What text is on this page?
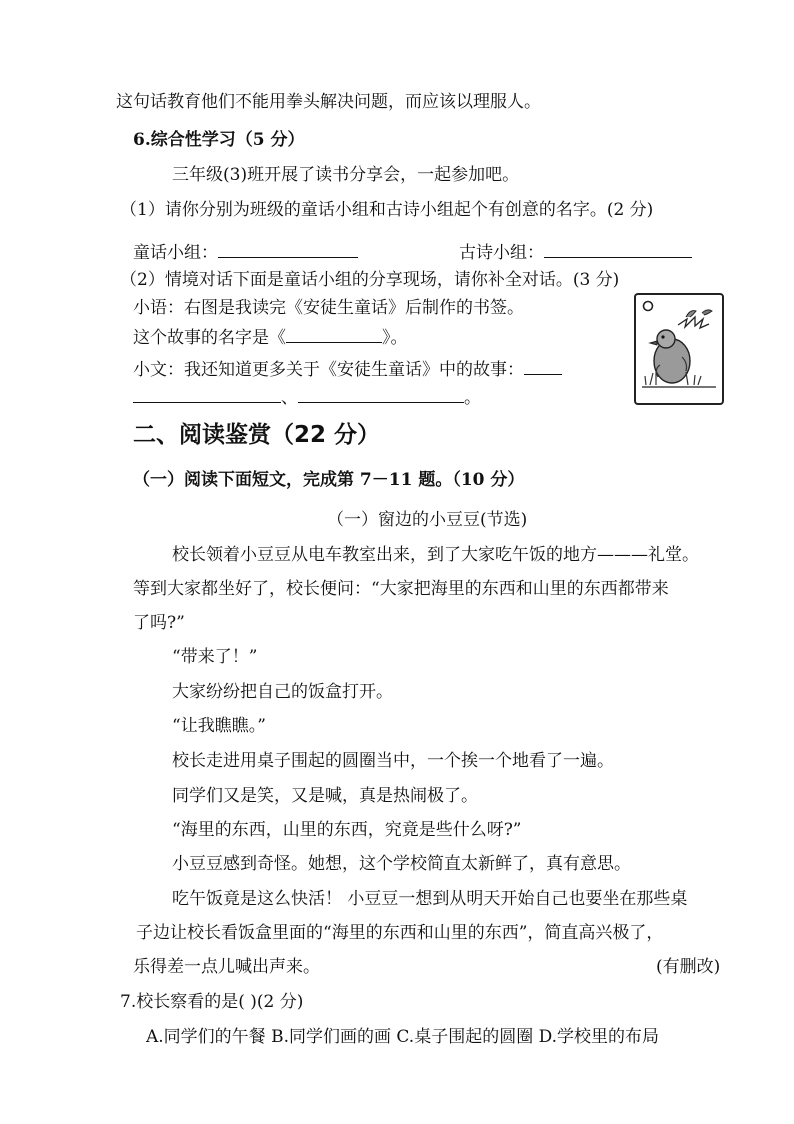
这句话教育他们不能用拳头解决问题，而应该以理服人。
6.综合性学习（5 分）
三年级(3)班开展了读书分享会，一起参加吧。
（1）请你分别为班级的童话小组和古诗小组起个有创意的名字。(2 分)
童话小组：	古诗小组：
（2）情境对话下面是童话小组的分享现场，请你补全对话。(3 分)
小语：右图是我读完《安徒生童话》后制作的书签。
这个故事的名字是《	》。
小文：我还知道更多关于《安徒生童话》中的故事：
、	。
二、阅读鉴赏（22 分）
（一）阅读下面短文，完成第 7－11 题。（10 分）
（一）窗边的小豆豆(节选)
校长领着小豆豆从电车教室出来，到了大家吃午饭的地方———礼堂。
等到大家都坐好了，校长便问：“大家把海里的东西和山里的东西都带来
了吗?”
“带来了！”
大家纷纷把自己的饭盒打开。
“让我瞧瞧。”
校长走进用桌子围起的圆圈当中，一个挨一个地看了一遍。
同学们又是笑，又是喊，真是热闹极了。
“海里的东西，山里的东西，究竟是些什么呀?”
小豆豆感到奇怪。她想，这个学校简直太新鲜了，真有意思。
吃午饭竟是这么快活！ 小豆豆一想到从明天开始自己也要坐在那些桌
子边让校长看饭盒里面的“海里的东西和山里的东西”，简直高兴极了，
乐得差一点儿喊出声来。	(有删改)
7.校长察看的是( )(2 分)
A.同学们的午餐 B.同学们画的画 C.桌子围起的圆圈 D.学校里的布局
